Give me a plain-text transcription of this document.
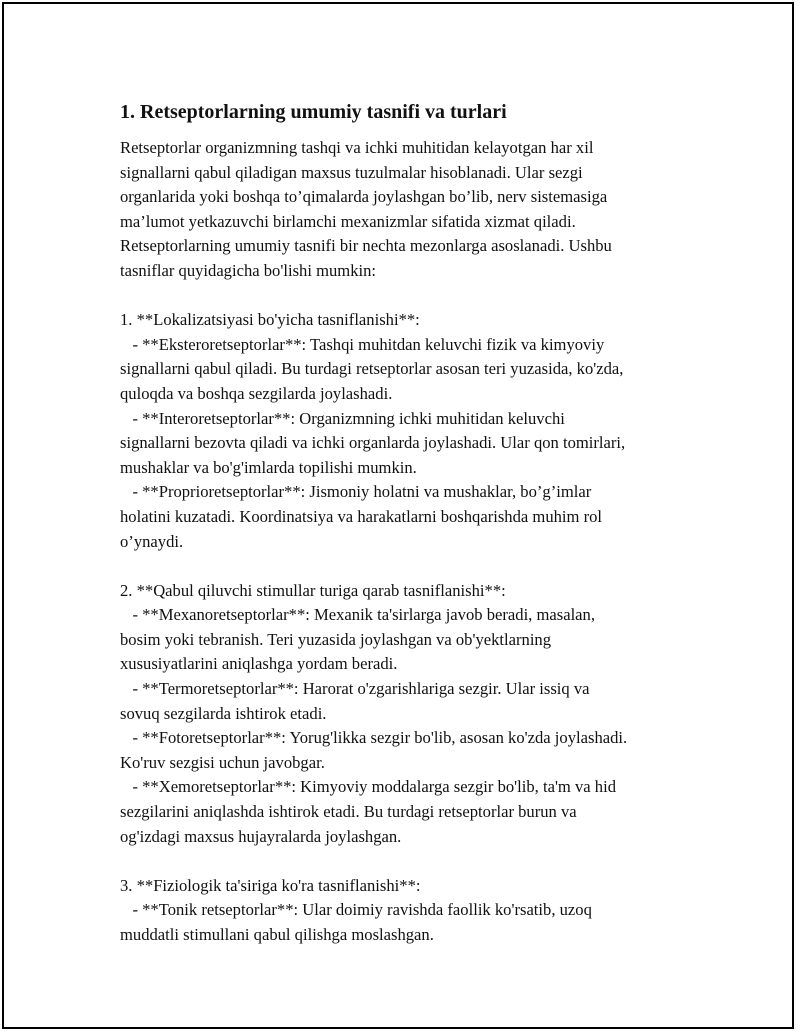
1. Retseptorlarning umumiy tasnifi va turlari
Retseptorlar organizmning tashqi va ichki muhitidan kelayotgan har xil
signallarni qabul qiladigan maxsus tuzulmalar hisoblanadi. Ular sezgi
organlarida yoki boshqa to’qimalarda joylashgan bo’lib, nerv sistemasiga
ma’lumot yetkazuvchi birlamchi mexanizmlar sifatida xizmat qiladi.
Retseptorlarning umumiy tasnifi bir nechta mezonlarga asoslanadi. Ushbu
tasniflar quyidagicha bo'lishi mumkin:
1. **Lokalizatsiyasi bo'yicha tasniflanishi**:
- **Eksteroretseptorlar**: Tashqi muhitdan keluvchi fizik va kimyoviy
signallarni qabul qiladi. Bu turdagi retseptorlar asosan teri yuzasida, ko'zda,
quloqda va boshqa sezgilarda joylashadi.
- **Interoretseptorlar**: Organizmning ichki muhitidan keluvchi
signallarni bezovta qiladi va ichki organlarda joylashadi. Ular qon tomirlari,
mushaklar va bo'g'imlarda topilishi mumkin.
- **Proprioretseptorlar**: Jismoniy holatni va mushaklar, bo’g’imlar
holatini kuzatadi. Koordinatsiya va harakatlarni boshqarishda muhim rol
o’ynaydi.
2. **Qabul qiluvchi stimullar turiga qarab tasniflanishi**:
- **Mexanoretseptorlar**: Mexanik ta'sirlarga javob beradi, masalan,
bosim yoki tebranish. Teri yuzasida joylashgan va ob'yektlarning
xususiyatlarini aniqlashga yordam beradi.
- **Termoretseptorlar**: Harorat o'zgarishlariga sezgir. Ular issiq va
sovuq sezgilarda ishtirok etadi.
- **Fotoretseptorlar**: Yorug'likka sezgir bo'lib, asosan ko'zda joylashadi.
Ko'ruv sezgisi uchun javobgar.
- **Xemoretseptorlar**: Kimyoviy moddalarga sezgir bo'lib, ta'm va hid
sezgilarini aniqlashda ishtirok etadi. Bu turdagi retseptorlar burun va
og'izdagi maxsus hujayralarda joylashgan.
3. **Fiziologik ta'siriga ko'ra tasniflanishi**:
- **Tonik retseptorlar**: Ular doimiy ravishda faollik ko'rsatib, uzoq
muddatli stimullani qabul qilishga moslashgan.
